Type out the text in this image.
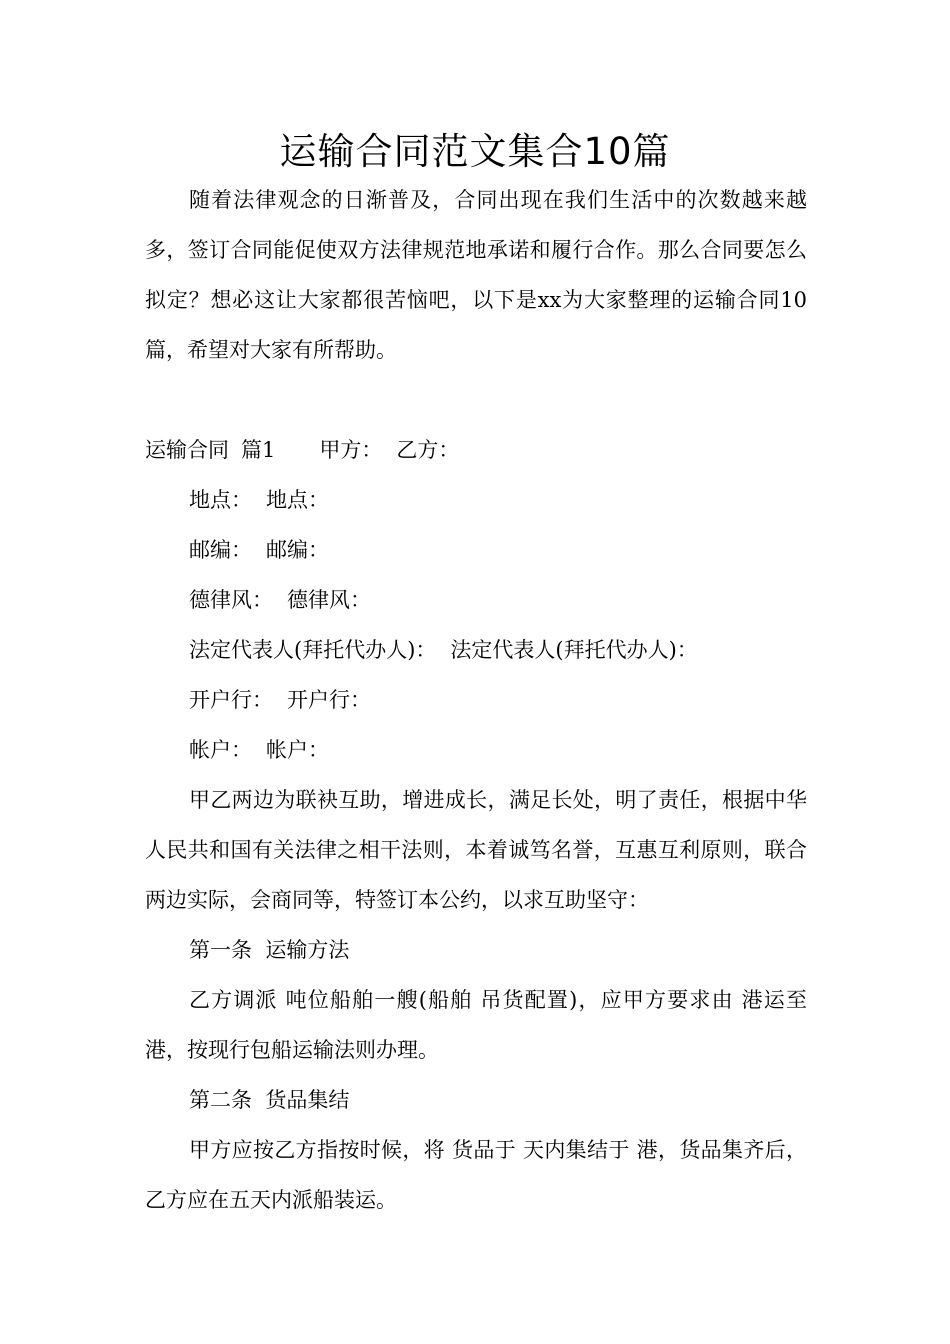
运输合同范文集合10篇

随着法律观念的日渐普及，合同出现在我们生活中的次数越来越多，签订合同能促使双方法律规范地承诺和履行合作。那么合同要怎么拟定？想必这让大家都很苦恼吧，以下是xx为大家整理的运输合同10篇，希望对大家有所帮助。

运输合同 篇1 甲方： 乙方：

地点： 地点：

邮编： 邮编：

德律风： 德律风：

法定代表人(拜托代办人)： 法定代表人(拜托代办人)：

开户行： 开户行：

帐户： 帐户：

甲乙两边为联袂互助，增进成长，满足长处，明了责任，根据中华人民共和国有关法律之相干法则，本着诚笃名誉，互惠互利原则，联合两边实际，会商同等，特签订本公约，以求互助坚守：

第一条  运输方法

乙方调派 吨位船舶一艘(船舶 吊货配置)，应甲方要求由 港运至 港，按现行包船运输法则办理。

第二条  货品集结

甲方应按乙方指按时候，将 货品于 天内集结于 港，货品集齐后，乙方应在五天内派船装运。
